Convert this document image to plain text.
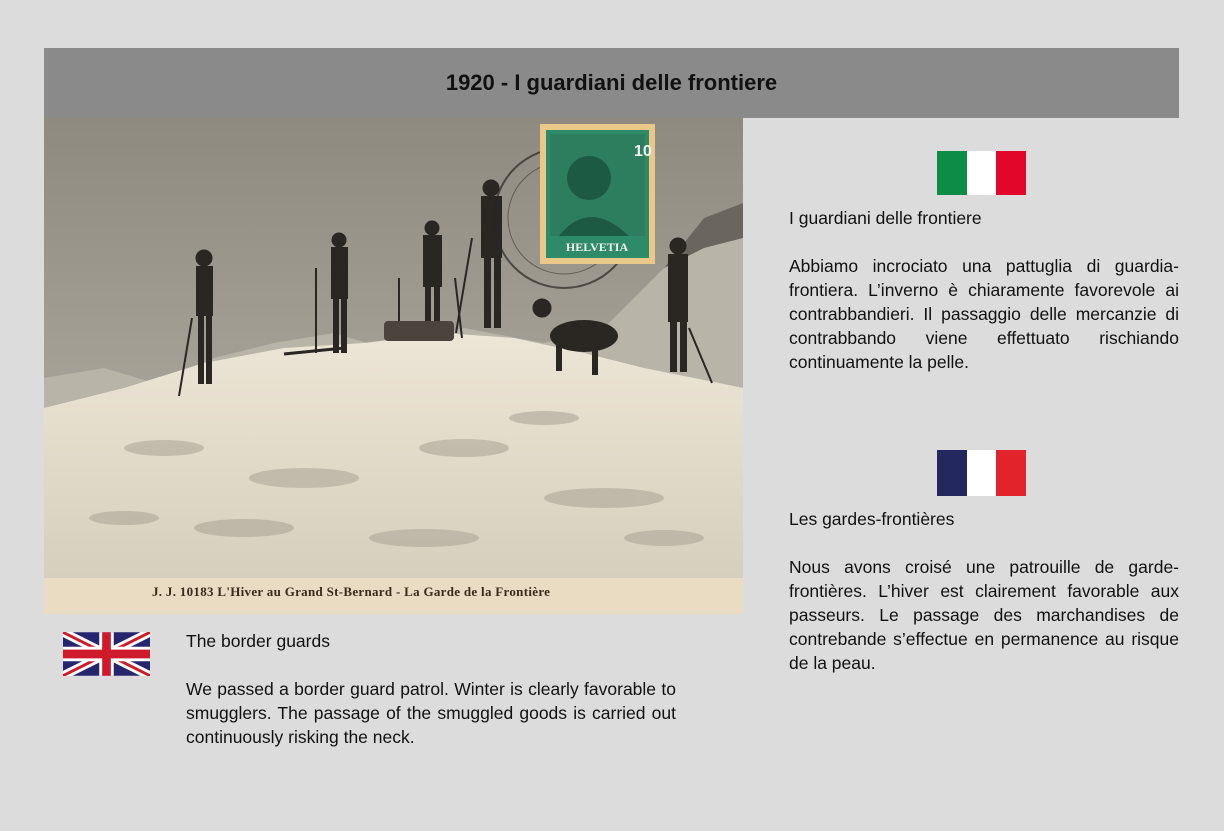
1920 - I guardiani delle frontiere
10
HELVETIA
J. J. 10183 L'Hiver au Grand St-Bernard - La Garde de la Frontière

I guardiani delle frontiere

Abbiamo incrociato una pattuglia di guardia-frontiera. L’inverno è chiaramente favorevole ai contrabbandieri. Il passaggio delle mercanzie di contrabbando viene effettuato rischiando continuamente la pelle.

Les gardes-frontières

Nous avons croisé une patrouille de garde-frontières. L’hiver est clairement favorable aux passeurs. Le passage des marchandises de contrebande s’effectue en permanence au risque de la peau.

The border guards

We passed a border guard patrol. Winter is clearly favorable to smugglers. The passage of the smuggled goods is carried out continuously risking the neck.
